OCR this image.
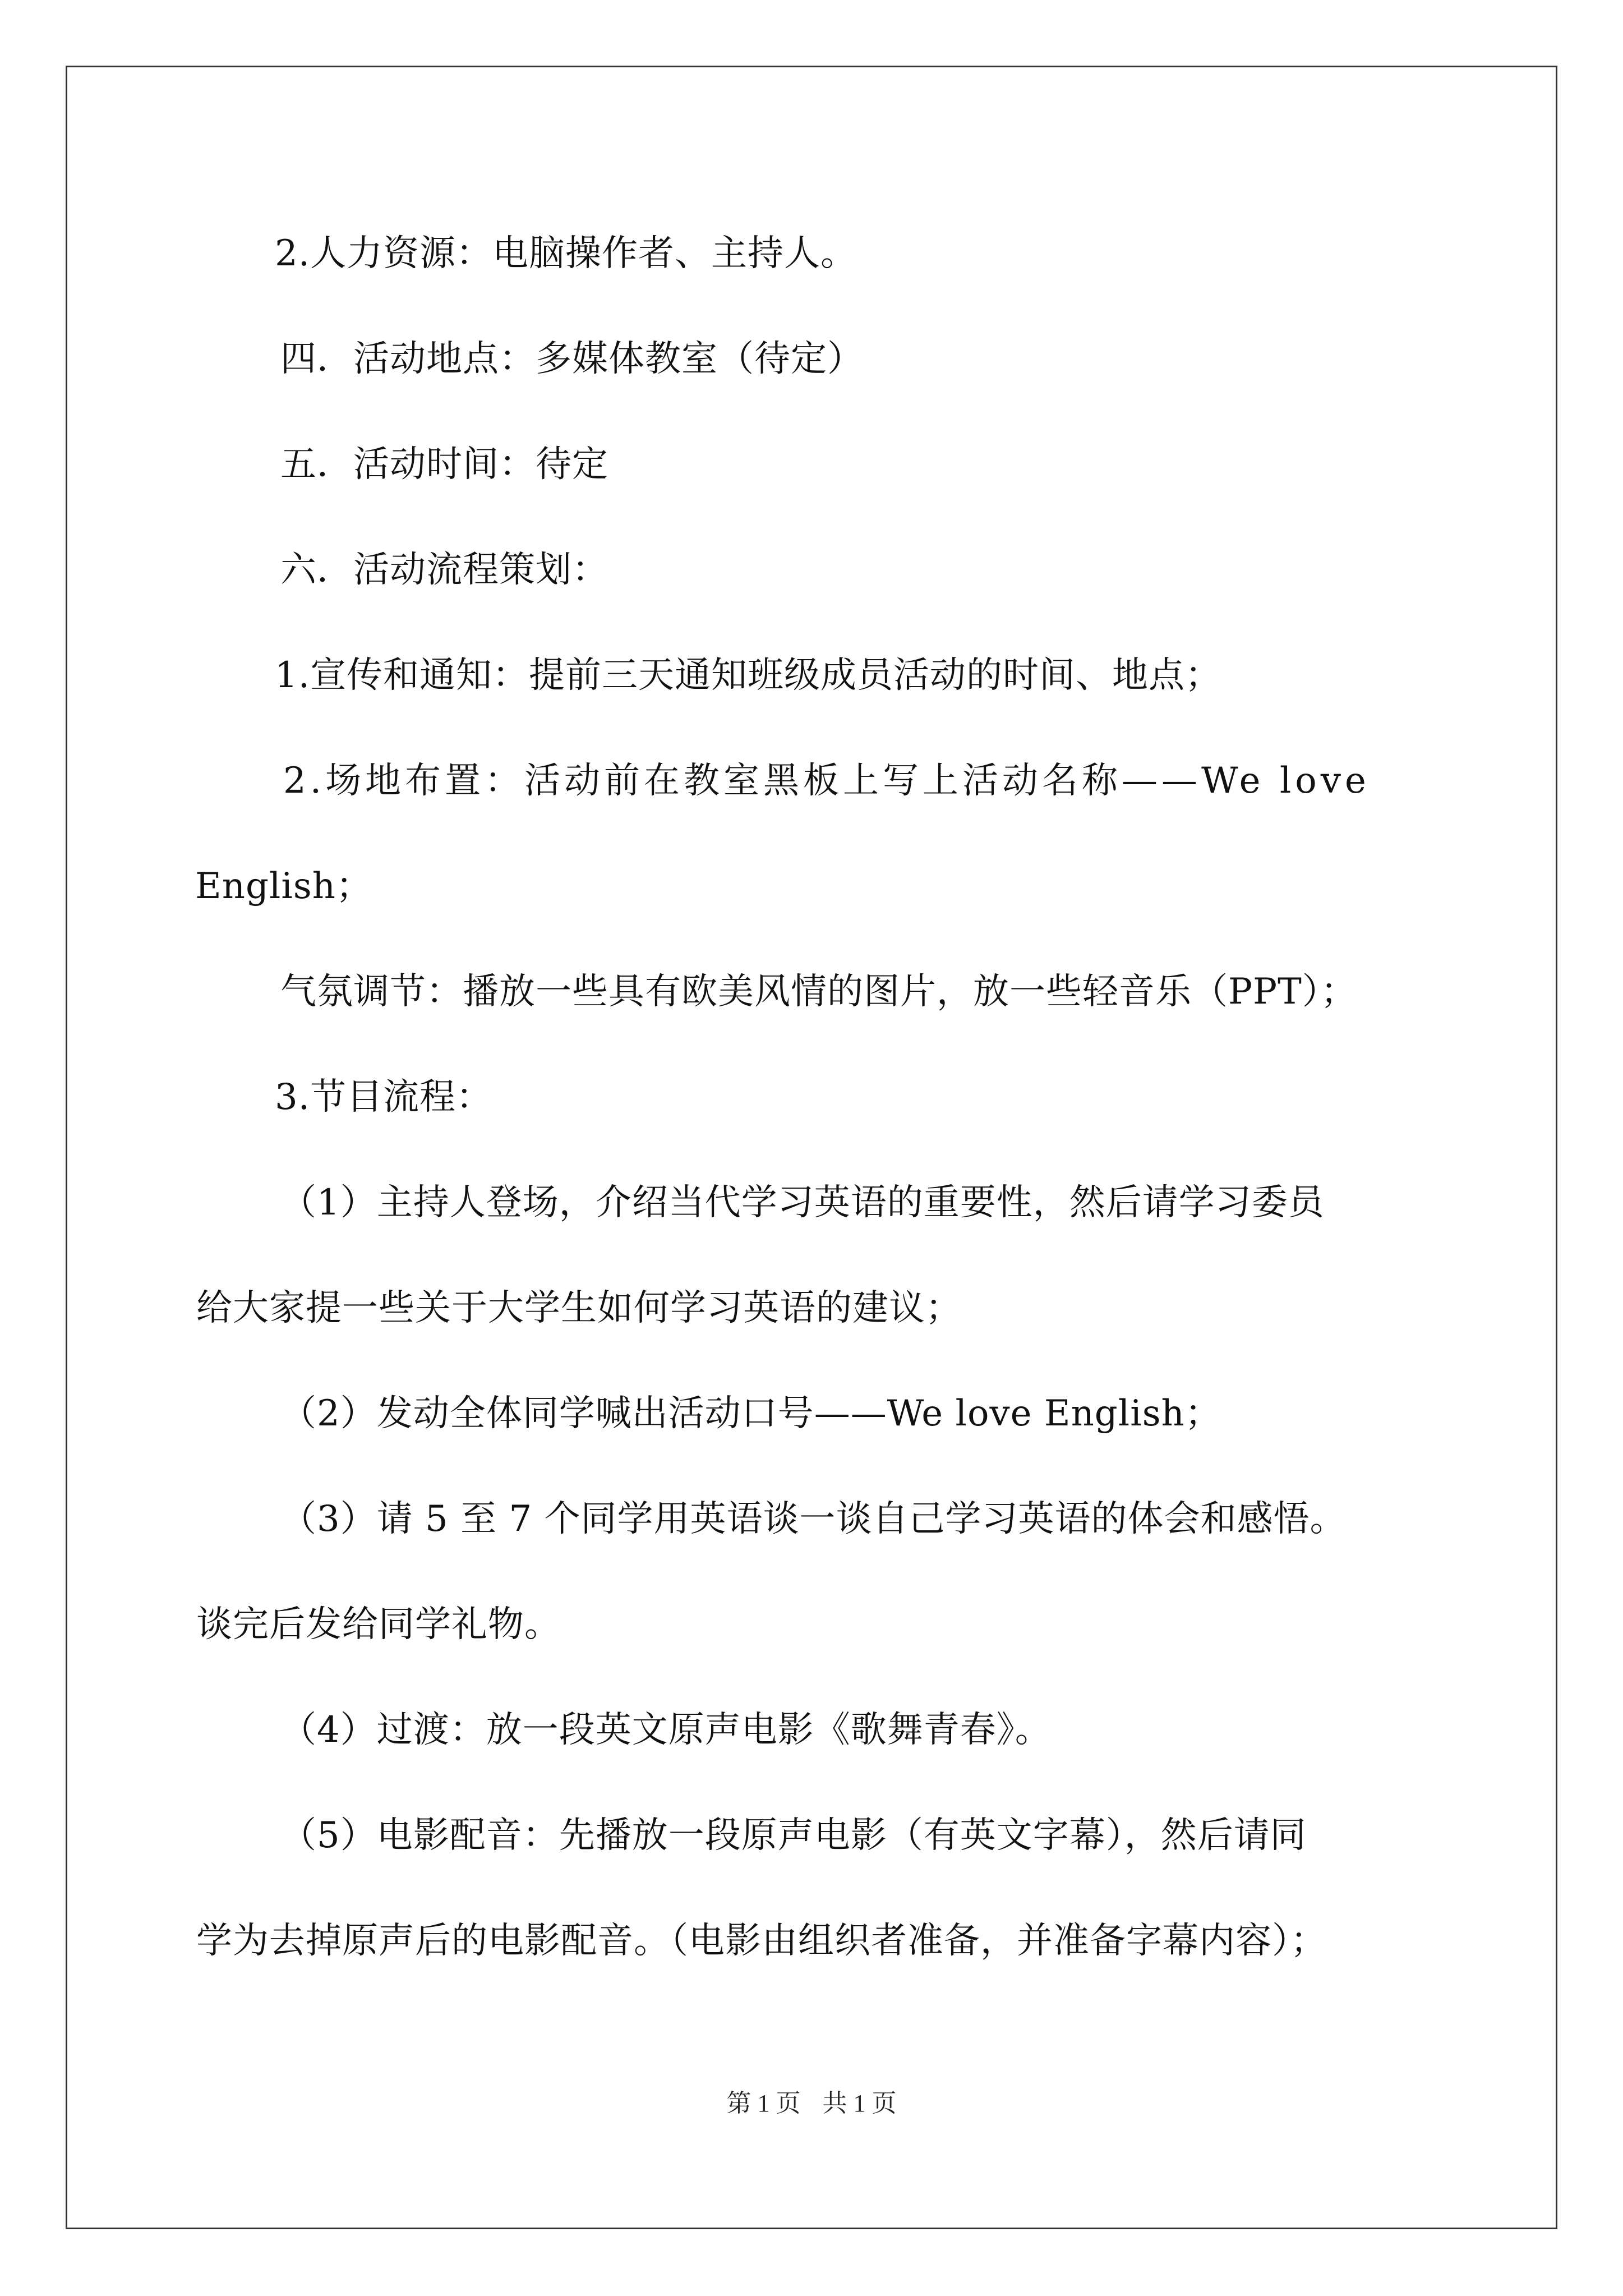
2.人力资源：电脑操作者、主持人。
四．活动地点：多媒体教室（待定）
五．活动时间：待定
六．活动流程策划：
1.宣传和通知：提前三天通知班级成员活动的时间、地点；
2.场地布置：活动前在教室黑板上写上活动名称——We love
English；
气氛调节：播放一些具有欧美风情的图片，放一些轻音乐（PPT）；
3.节目流程：
（1）主持人登场，介绍当代学习英语的重要性，然后请学习委员
给大家提一些关于大学生如何学习英语的建议；
（2）发动全体同学喊出活动口号——We love English；
（3）请 5 至 7 个同学用英语谈一谈自己学习英语的体会和感悟。
谈完后发给同学礼物。
（4）过渡：放一段英文原声电影《歌舞青春》。
（5）电影配音：先播放一段原声电影（有英文字幕），然后请同
学为去掉原声后的电影配音。（电影由组织者准备，并准备字幕内容）；
第 1 页 共 1 页
